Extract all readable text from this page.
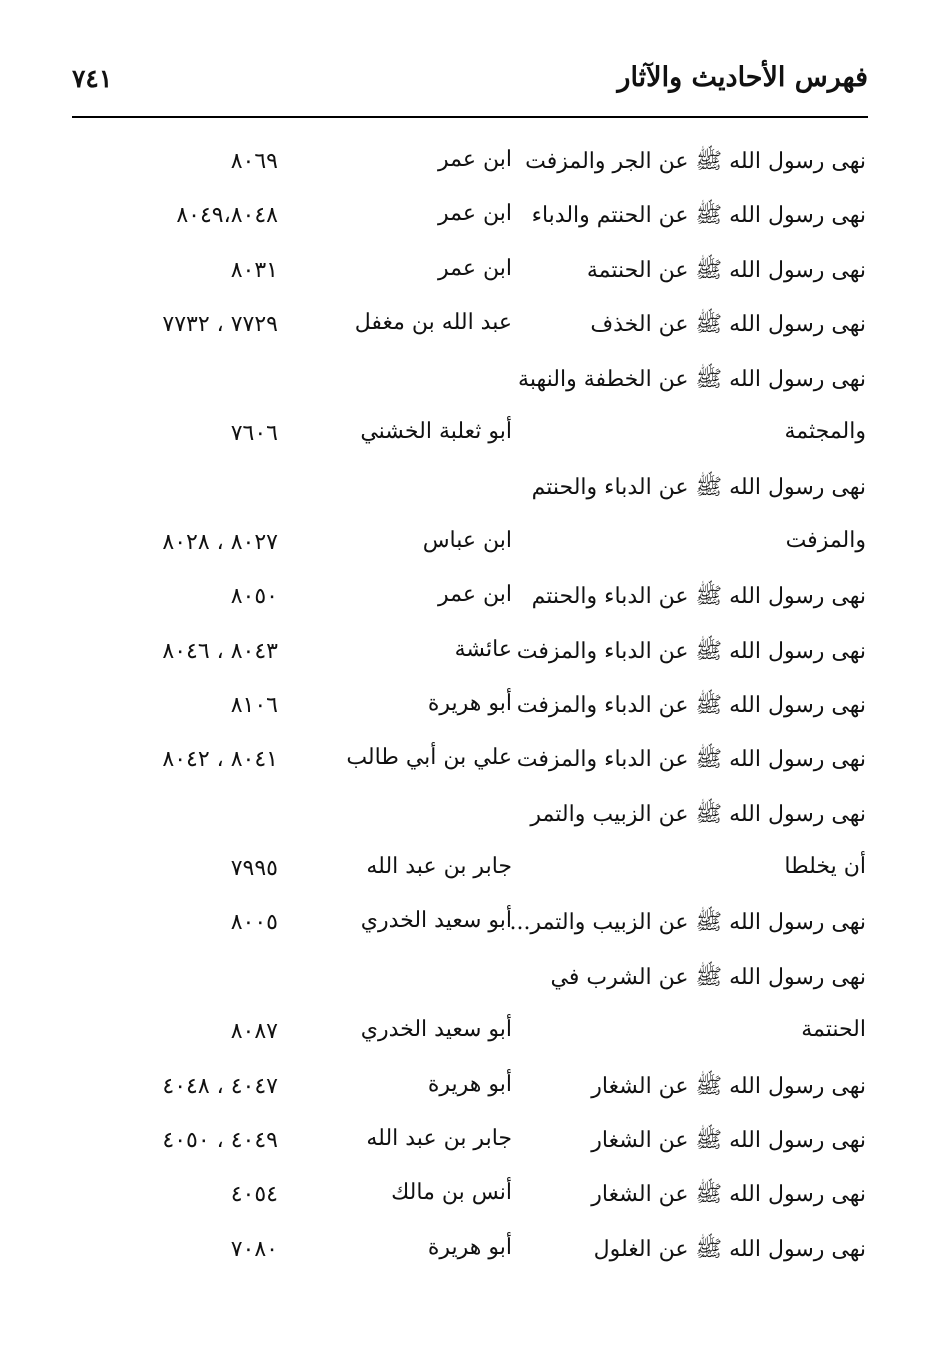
فهرس الأحاديث والآثار
٧٤١
نهى رسول الله ﷺ عن الجر والمزفت
ابن عمر
٨٠٦٩
نهى رسول الله ﷺ عن الحنتم والدباء
ابن عمر
٨٠٤٩،٨٠٤٨
نهى رسول الله ﷺ عن الحنتمة
ابن عمر
٨٠٣١
نهى رسول الله ﷺ عن الخذف
عبد الله بن مغفل
٧٧٢٩ ، ٧٧٣٢
نهى رسول الله ﷺ عن الخطفة والنهبة
والمجثمة
أبو ثعلبة الخشني
٧٦٠٦
نهى رسول الله ﷺ عن الدباء والحنتم
والمزفت
ابن عباس
٨٠٢٧ ، ٨٠٢٨
نهى رسول الله ﷺ عن الدباء والحنتم
ابن عمر
٨٠٥٠
نهى رسول الله ﷺ عن الدباء والمزفت
عائشة
٨٠٤٣ ، ٨٠٤٦
نهى رسول الله ﷺ عن الدباء والمزفت
أبو هريرة
٨١٠٦
نهى رسول الله ﷺ عن الدباء والمزفت
علي بن أبي طالب
٨٠٤١ ، ٨٠٤٢
نهى رسول الله ﷺ عن الزبيب والتمر
أن يخلطا
جابر بن عبد الله
٧٩٩٥
نهى رسول الله ﷺ عن الزبيب والتمر...
أبو سعيد الخدري
٨٠٠٥
نهى رسول الله ﷺ عن الشرب في
الحنتمة
أبو سعيد الخدري
٨٠٨٧
نهى رسول الله ﷺ عن الشغار
أبو هريرة
٤٠٤٧ ، ٤٠٤٨
نهى رسول الله ﷺ عن الشغار
جابر بن عبد الله
٤٠٤٩ ، ٤٠٥٠
نهى رسول الله ﷺ عن الشغار
أنس بن مالك
٤٠٥٤
نهى رسول الله ﷺ عن الغلول
أبو هريرة
٧٠٨٠
